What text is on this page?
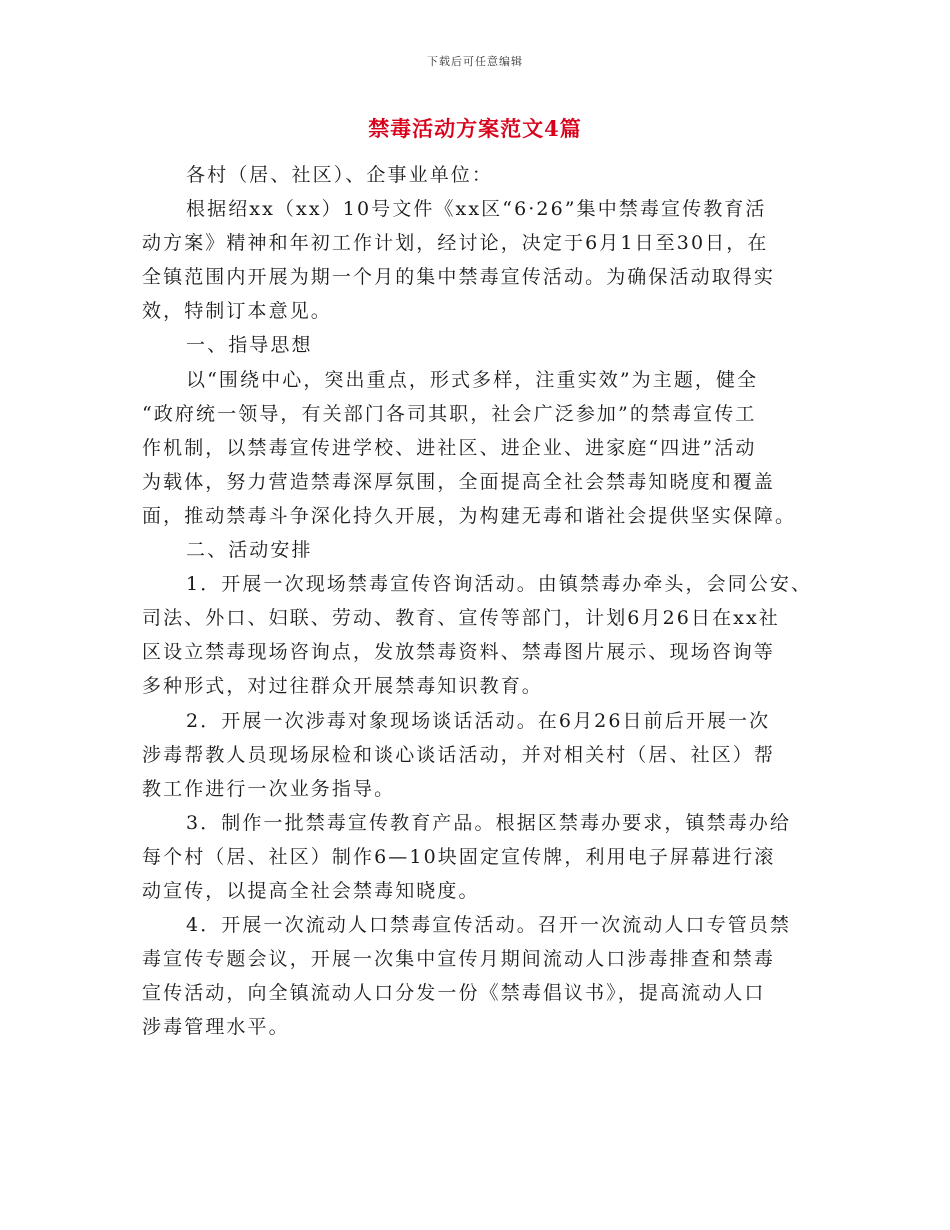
下载后可任意编辑
禁毒活动方案范文4篇
各村（居、社区）、企事业单位：
根据绍xx（xx）10号文件《xx区“6·26”集中禁毒宣传教育活
动方案》精神和年初工作计划，经讨论，决定于6月1日至30日，在
全镇范围内开展为期一个月的集中禁毒宣传活动。为确保活动取得实
效，特制订本意见。
一、指导思想
以“围绕中心，突出重点，形式多样，注重实效”为主题，健全
“政府统一领导，有关部门各司其职，社会广泛参加”的禁毒宣传工
作机制，以禁毒宣传进学校、进社区、进企业、进家庭“四进”活动
为载体，努力营造禁毒深厚氛围，全面提高全社会禁毒知晓度和覆盖
面，推动禁毒斗争深化持久开展，为构建无毒和谐社会提供坚实保障。
二、活动安排
1．开展一次现场禁毒宣传咨询活动。由镇禁毒办牵头，会同公安、
司法、外口、妇联、劳动、教育、宣传等部门，计划6月26日在xx社
区设立禁毒现场咨询点，发放禁毒资料、禁毒图片展示、现场咨询等
多种形式，对过往群众开展禁毒知识教育。
2．开展一次涉毒对象现场谈话活动。在6月26日前后开展一次
涉毒帮教人员现场尿检和谈心谈话活动，并对相关村（居、社区）帮
教工作进行一次业务指导。
3．制作一批禁毒宣传教育产品。根据区禁毒办要求，镇禁毒办给
每个村（居、社区）制作6—10块固定宣传牌，利用电子屏幕进行滚
动宣传，以提高全社会禁毒知晓度。
4．开展一次流动人口禁毒宣传活动。召开一次流动人口专管员禁
毒宣传专题会议，开展一次集中宣传月期间流动人口涉毒排查和禁毒
宣传活动，向全镇流动人口分发一份《禁毒倡议书》，提高流动人口
涉毒管理水平。
